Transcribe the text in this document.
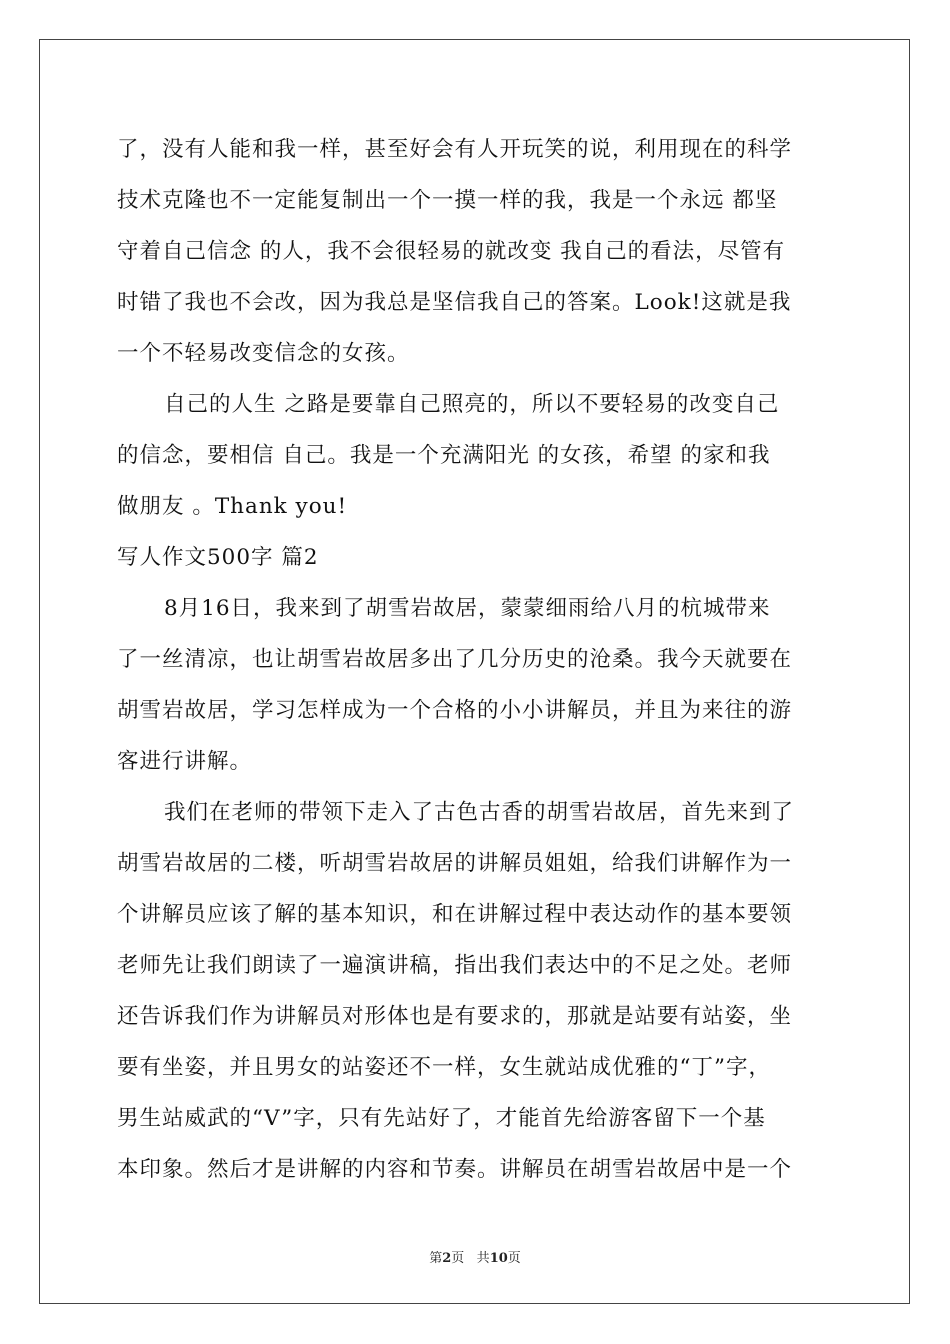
了，没有人能和我一样，甚至好会有人开玩笑的说，利用现在的科学
技术克隆也不一定能复制出一个一摸一样的我，我是一个永远 都坚
守着自己信念 的人，我不会很轻易的就改变 我自己的看法，尽管有
时错了我也不会改，因为我总是坚信我自己的答案。Look!这就是我
一个不轻易改变信念的女孩。
自己的人生 之路是要靠自己照亮的，所以不要轻易的改变自己
的信念，要相信 自己。我是一个充满阳光 的女孩，希望 的家和我
做朋友 。Thank you!
写人作文500字 篇2
8月16日，我来到了胡雪岩故居，蒙蒙细雨给八月的杭城带来
了一丝清凉，也让胡雪岩故居多出了几分历史的沧桑。我今天就要在
胡雪岩故居，学习怎样成为一个合格的小小讲解员，并且为来往的游
客进行讲解。
我们在老师的带领下走入了古色古香的胡雪岩故居，首先来到了
胡雪岩故居的二楼，听胡雪岩故居的讲解员姐姐，给我们讲解作为一
个讲解员应该了解的基本知识，和在讲解过程中表达动作的基本要领
老师先让我们朗读了一遍演讲稿，指出我们表达中的不足之处。老师
还告诉我们作为讲解员对形体也是有要求的，那就是站要有站姿，坐
要有坐姿，并且男女的站姿还不一样，女生就站成优雅的“丁”字，
男生站威武的“V”字，只有先站好了，才能首先给游客留下一个基
本印象。然后才是讲解的内容和节奏。讲解员在胡雪岩故居中是一个
第2页 共10页
